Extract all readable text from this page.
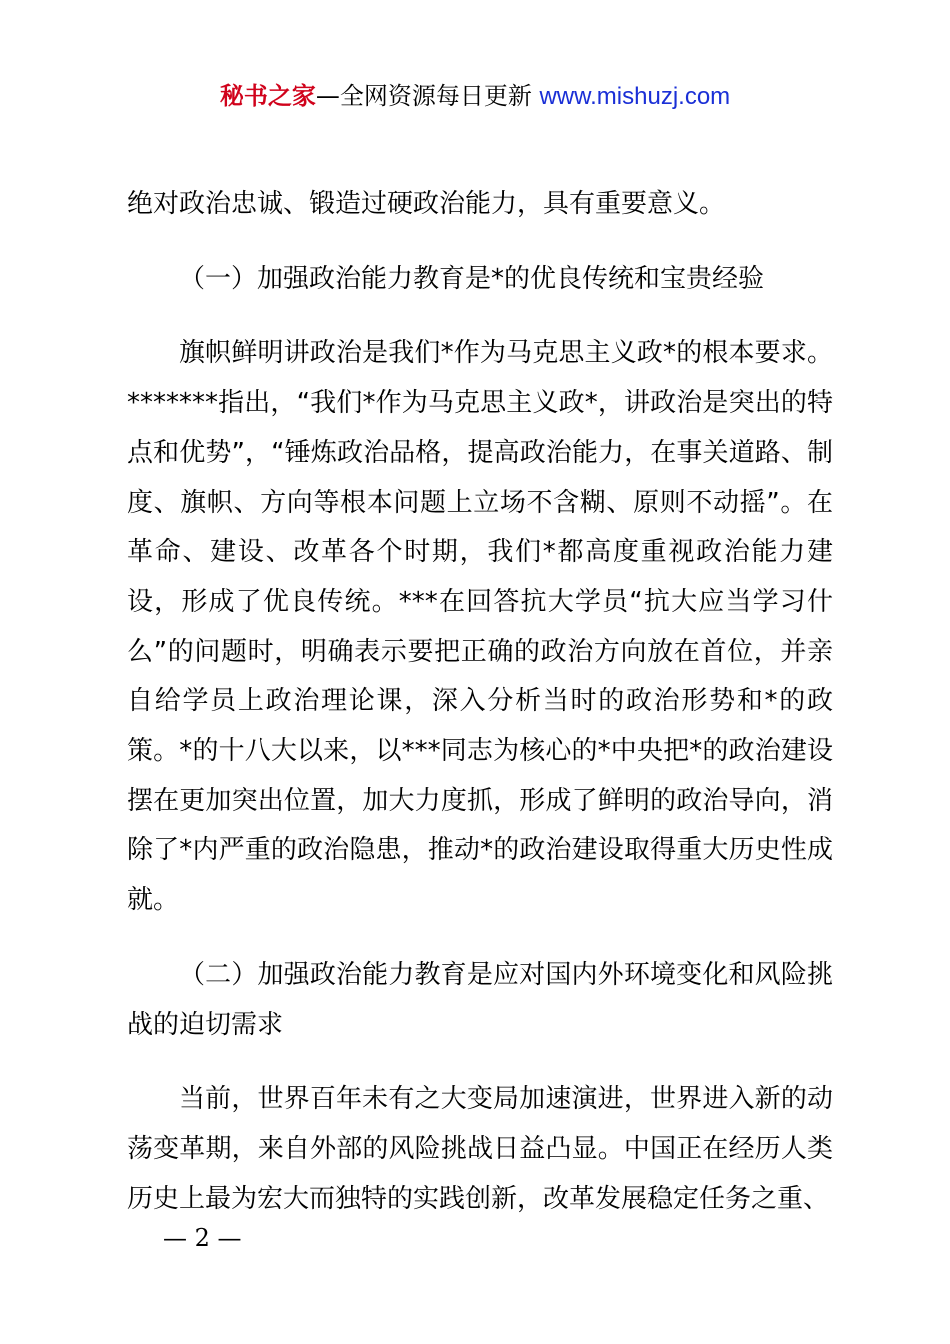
秘书之家—全网资源每日更新 www.mishuzj.com

绝对政治忠诚、锻造过硬政治能力，具有重要意义。

（一）加强政治能力教育是*的优良传统和宝贵经验

旗帜鲜明讲政治是我们*作为马克思主义政*的根本要求。*******指出，“我们*作为马克思主义政*，讲政治是突出的特点和优势”，“锤炼政治品格，提高政治能力，在事关道路、制度、旗帜、方向等根本问题上立场不含糊、原则不动摇”。在革命、建设、改革各个时期，我们*都高度重视政治能力建设，形成了优良传统。***在回答抗大学员“抗大应当学习什么”的问题时，明确表示要把正确的政治方向放在首位，并亲自给学员上政治理论课，深入分析当时的政治形势和*的政策。*的十八大以来，以***同志为核心的*中央把*的政治建设摆在更加突出位置，加大力度抓，形成了鲜明的政治导向，消除了*内严重的政治隐患，推动*的政治建设取得重大历史性成就。

（二）加强政治能力教育是应对国内外环境变化和风险挑战的迫切需求

当前，世界百年未有之大变局加速演进，世界进入新的动荡变革期，来自外部的风险挑战日益凸显。中国正在经历人类历史上最为宏大而独特的实践创新，改革发展稳定任务之重、

— 2 —
